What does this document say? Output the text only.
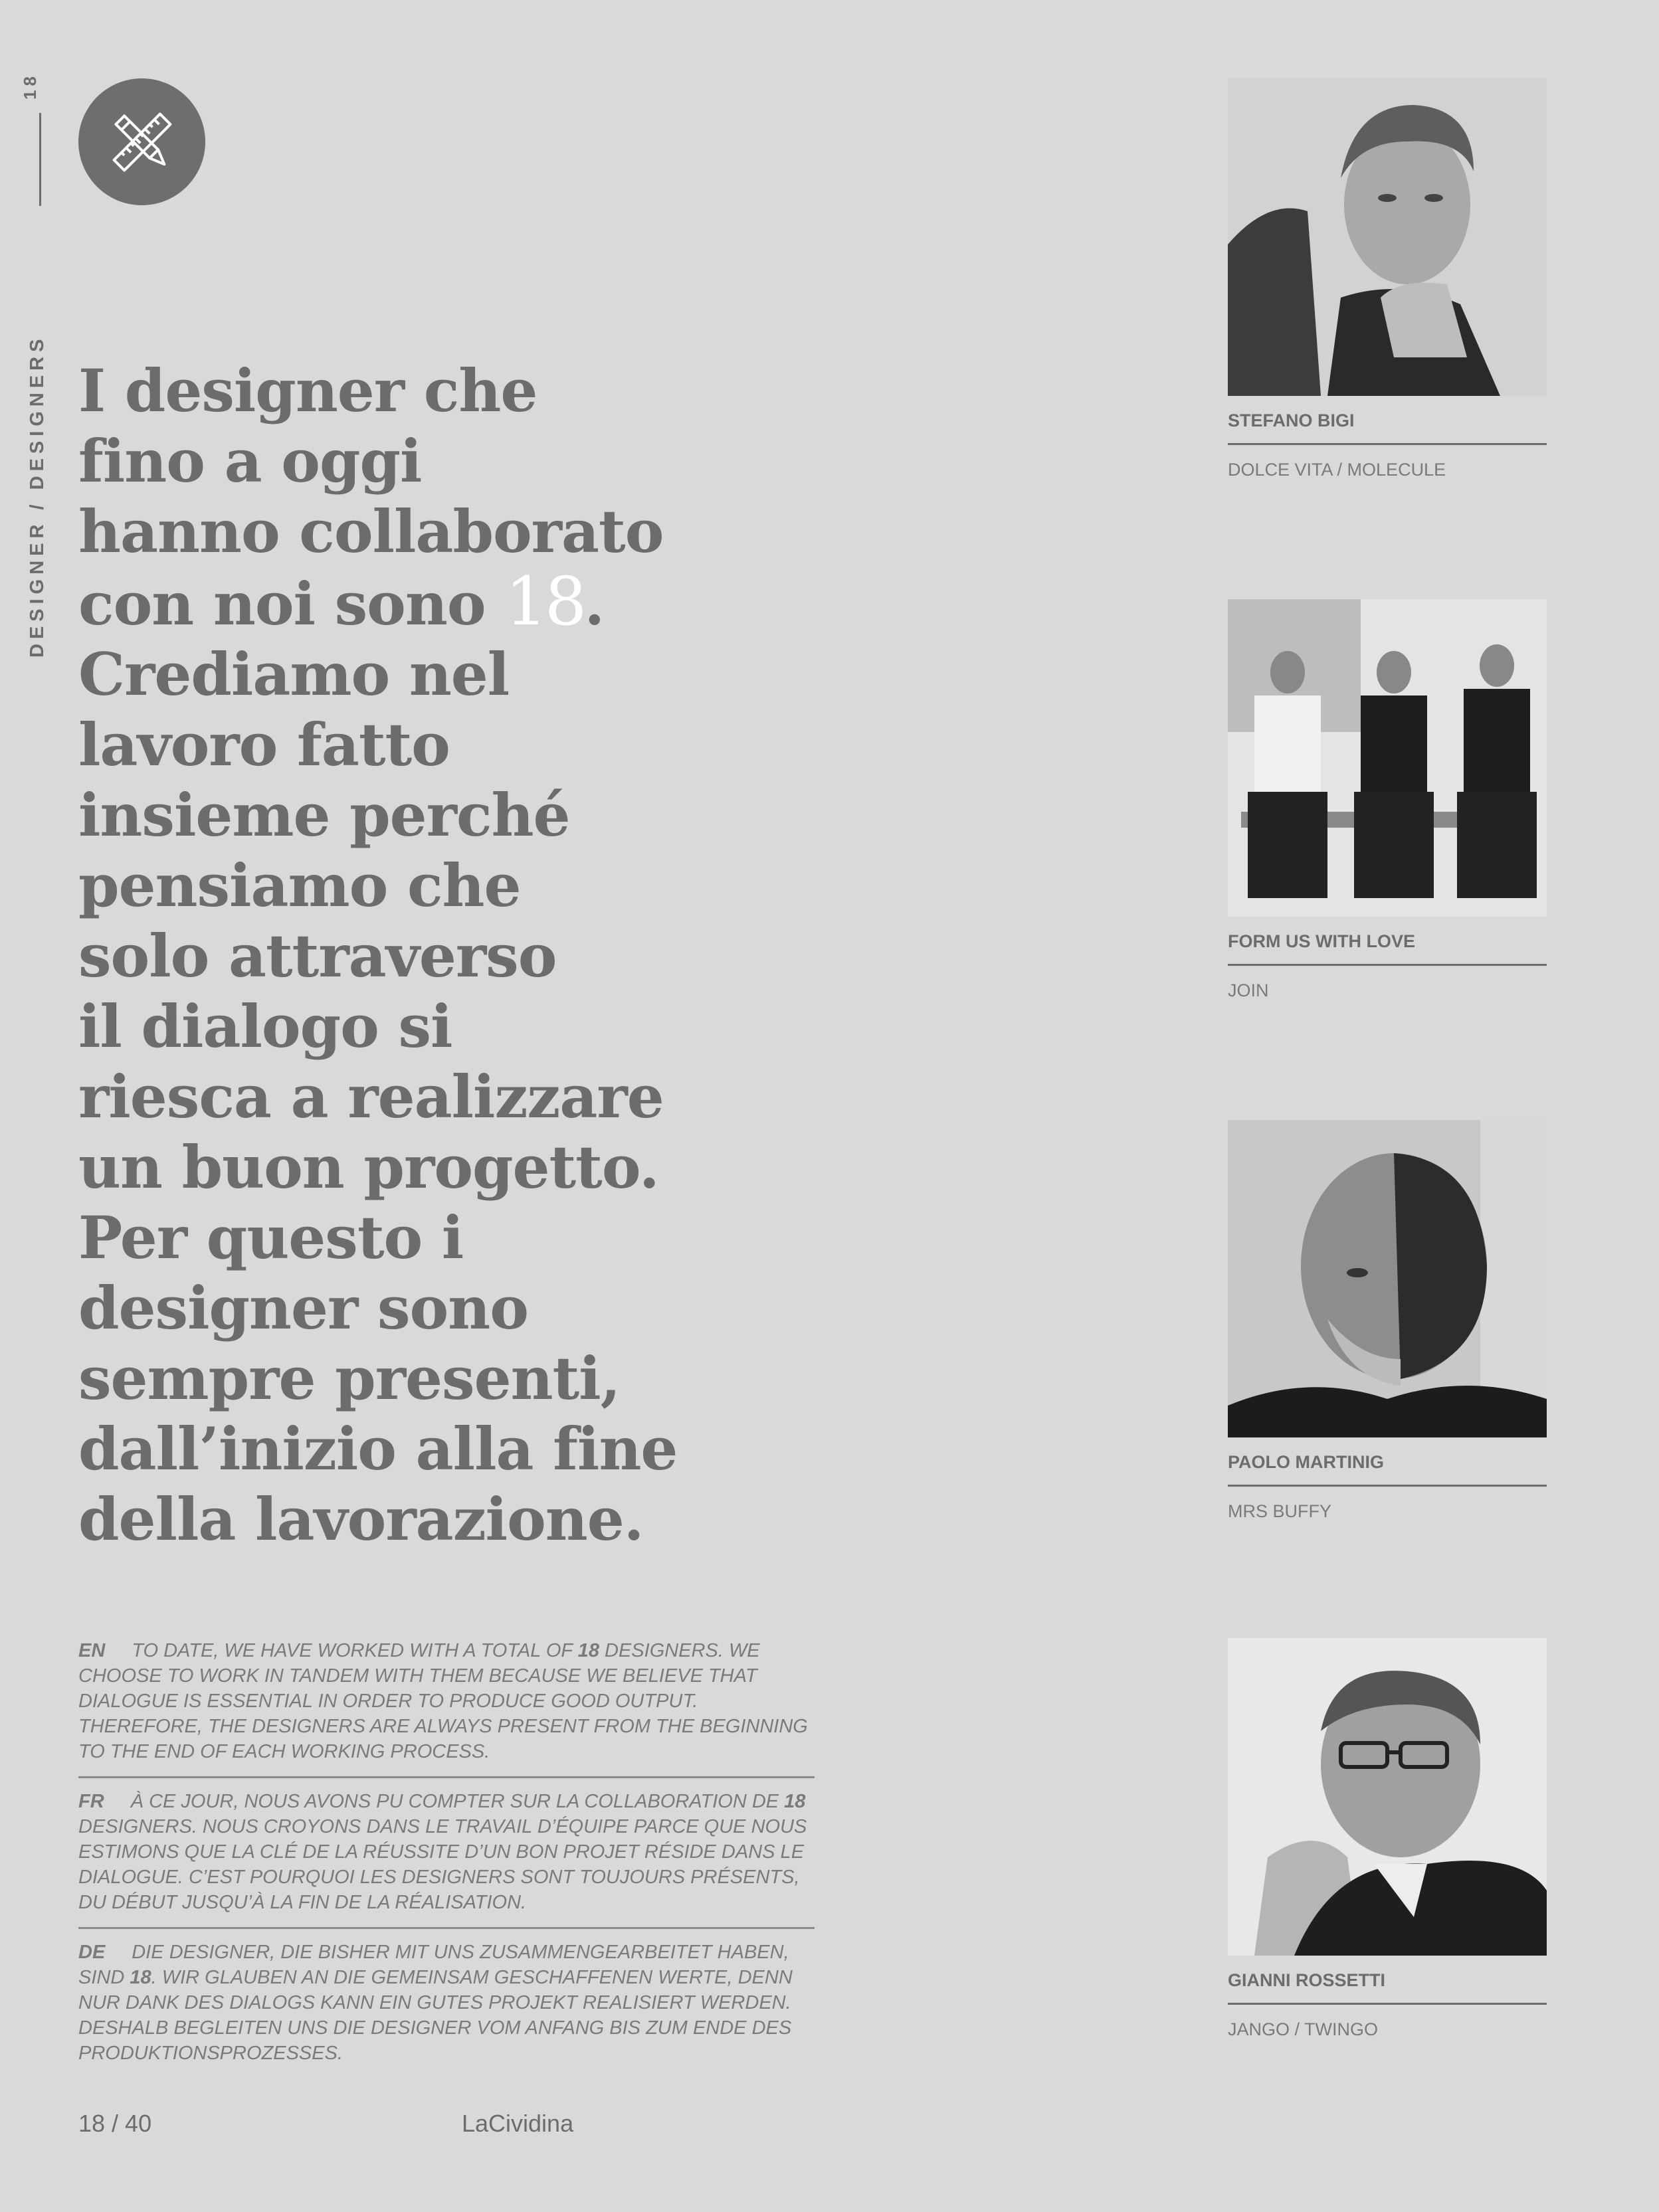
18
DESIGNER / DESIGNERS I designer che
fino a oggi
hanno collaborato
con noi sono 18.
Crediamo nel
lavoro fatto
insieme perché
pensiamo che
solo attraverso
il dialogo si
riesca a realizzare
un buon progetto.
Per questo i
designer sono
sempre presenti,
dall’inizio alla fine
della lavorazione.
EN TO DATE, WE HAVE WORKED WITH A TOTAL OF 18 DESIGNERS. WE CHOOSE TO WORK IN TANDEM WITH THEM BECAUSE WE BELIEVE THAT DIALOGUE IS ESSENTIAL IN ORDER TO PRODUCE GOOD OUTPUT. THEREFORE, THE DESIGNERS ARE ALWAYS PRESENT FROM THE BEGINNING TO THE END OF EACH WORKING PROCESS.
FR À CE JOUR, NOUS AVONS PU COMPTER SUR LA COLLABORATION DE 18 DESIGNERS. NOUS CROYONS DANS LE TRAVAIL D’ÉQUIPE PARCE QUE NOUS ESTIMONS QUE LA CLÉ DE LA RÉUSSITE D’UN BON PROJET RÉSIDE DANS LE DIALOGUE. C’EST POURQUOI LES DESIGNERS SONT TOUJOURS PRÉSENTS, DU DÉBUT JUSQU’À LA FIN DE LA RÉALISATION.
DE DIE DESIGNER, DIE BISHER MIT UNS ZUSAMMENGEARBEITET HABEN, SIND 18. WIR GLAUBEN AN DIE GEMEINSAM GESCHAFFENEN WERTE, DENN NUR DANK DES DIALOGS KANN EIN GUTES PROJEKT REALISIERT WERDEN. DESHALB BEGLEITEN UNS DIE DESIGNER VOM ANFANG BIS ZUM ENDE DES PRODUKTIONSPROZESSES.
18 / 40	LaCividina
STEFANO BIGI
DOLCE VITA / MOLECULE
FORM US WITH LOVE
JOIN
PAOLO MARTINIG
MRS BUFFY
GIANNI ROSSETTI
JANGO / TWINGO
